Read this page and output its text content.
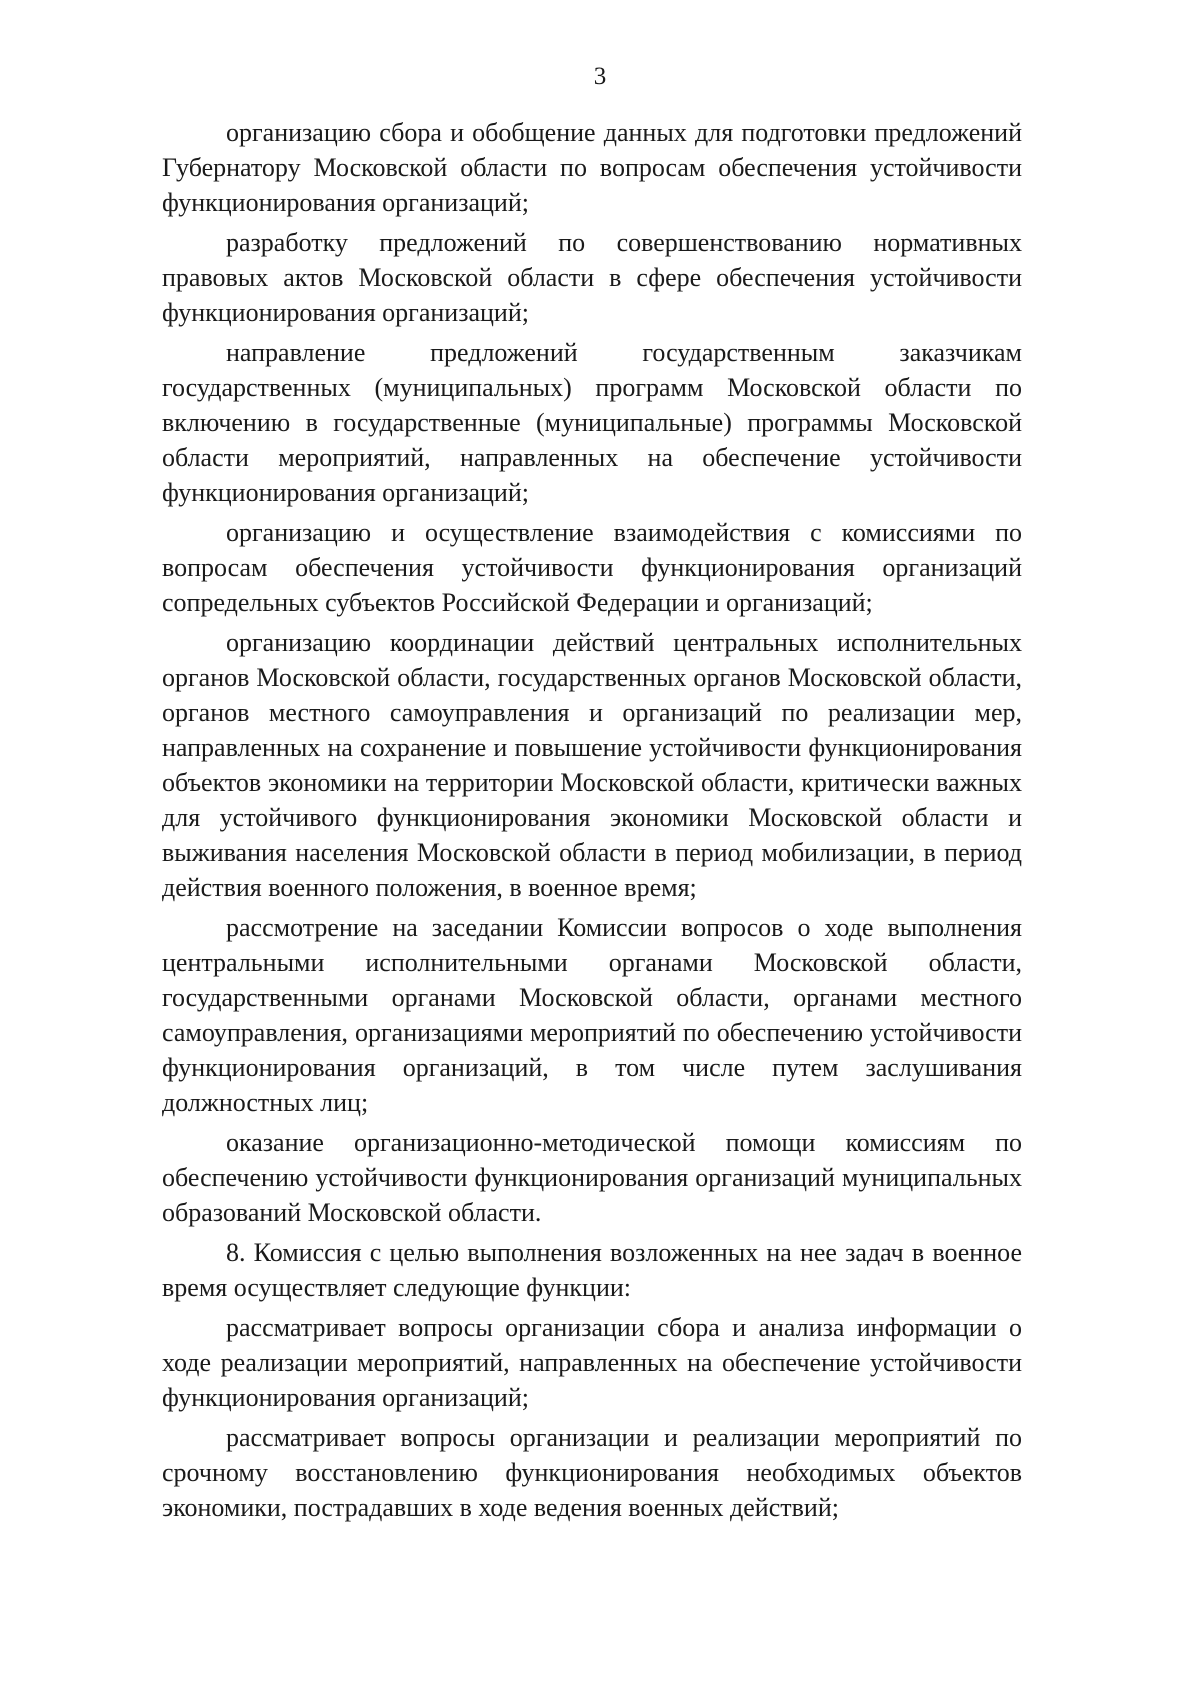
3

организацию сбора и обобщение данных для подготовки предложений Губернатору Московской области по вопросам обеспечения устойчивости функционирования организаций;

разработку предложений по совершенствованию нормативных правовых актов Московской области в сфере обеспечения устойчивости функционирования организаций;

направление предложений государственным заказчикам государственных (муниципальных) программ Московской области по включению в государственные (муниципальные) программы Московской области мероприятий, направленных на обеспечение устойчивости функционирования организаций;

организацию и осуществление взаимодействия с комиссиями по вопросам обеспечения устойчивости функционирования организаций сопредельных субъектов Российской Федерации и организаций;

организацию координации действий центральных исполнительных органов Московской области, государственных органов Московской области, органов местного самоуправления и организаций по реализации мер, направленных на сохранение и повышение устойчивости функционирования объектов экономики на территории Московской области, критически важных для устойчивого функционирования экономики Московской области и выживания населения Московской области в период мобилизации, в период действия военного положения, в военное время;

рассмотрение на заседании Комиссии вопросов о ходе выполнения центральными исполнительными органами Московской области, государственными органами Московской области, органами местного самоуправления, организациями мероприятий по обеспечению устойчивости функционирования организаций, в том числе путем заслушивания должностных лиц;

оказание организационно-методической помощи комиссиям по обеспечению устойчивости функционирования организаций муниципальных образований Московской области.

8. Комиссия с целью выполнения возложенных на нее задач в военное время осуществляет следующие функции:

рассматривает вопросы организации сбора и анализа информации о ходе реализации мероприятий, направленных на обеспечение устойчивости функционирования организаций;

рассматривает вопросы организации и реализации мероприятий по срочному восстановлению функционирования необходимых объектов экономики, пострадавших в ходе ведения военных действий;
